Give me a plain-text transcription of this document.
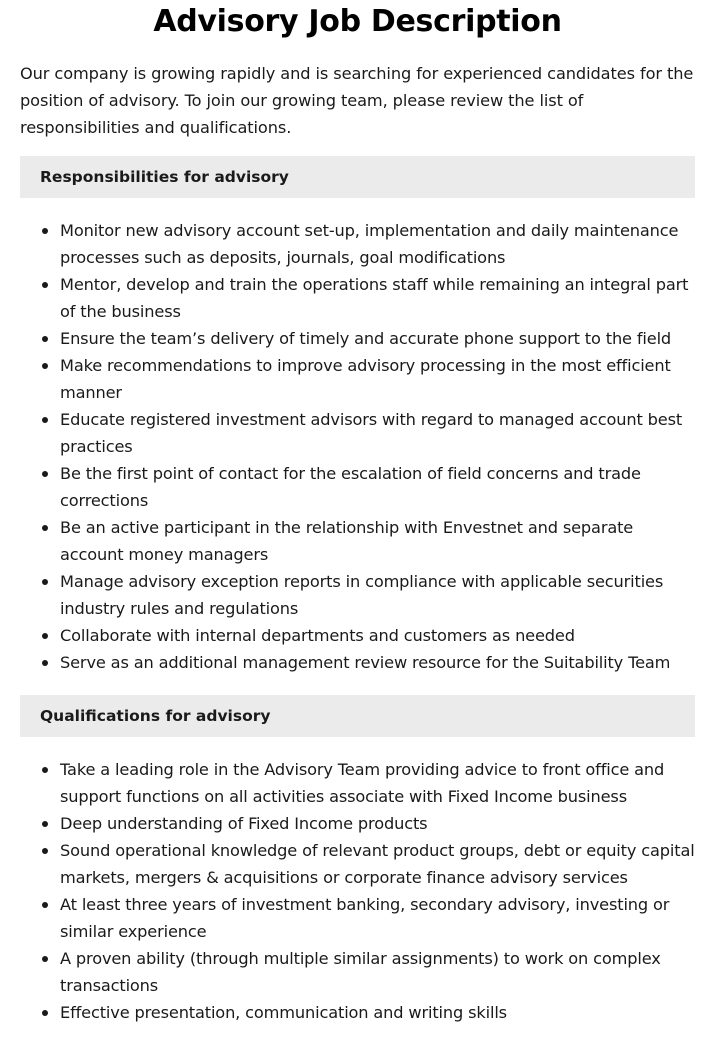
Advisory Job Description

Our company is growing rapidly and is searching for experienced candidates for the position of advisory. To join our growing team, please review the list of responsibilities and qualifications.

Responsibilities for advisory
Monitor new advisory account set-up, implementation and daily maintenance processes such as deposits, journals, goal modifications
Mentor, develop and train the operations staff while remaining an integral part of the business
Ensure the team’s delivery of timely and accurate phone support to the field
Make recommendations to improve advisory processing in the most efficient manner
Educate registered investment advisors with regard to managed account best practices
Be the first point of contact for the escalation of field concerns and trade corrections
Be an active participant in the relationship with Envestnet and separate account money managers
Manage advisory exception reports in compliance with applicable securities industry rules and regulations
Collaborate with internal departments and customers as needed
Serve as an additional management review resource for the Suitability Team
Qualifications for advisory
Take a leading role in the Advisory Team providing advice to front office and support functions on all activities associate with Fixed Income business
Deep understanding of Fixed Income products
Sound operational knowledge of relevant product groups, debt or equity capital markets, mergers & acquisitions or corporate finance advisory services
At least three years of investment banking, secondary advisory, investing or similar experience
A proven ability (through multiple similar assignments) to work on complex transactions
Effective presentation, communication and writing skills
